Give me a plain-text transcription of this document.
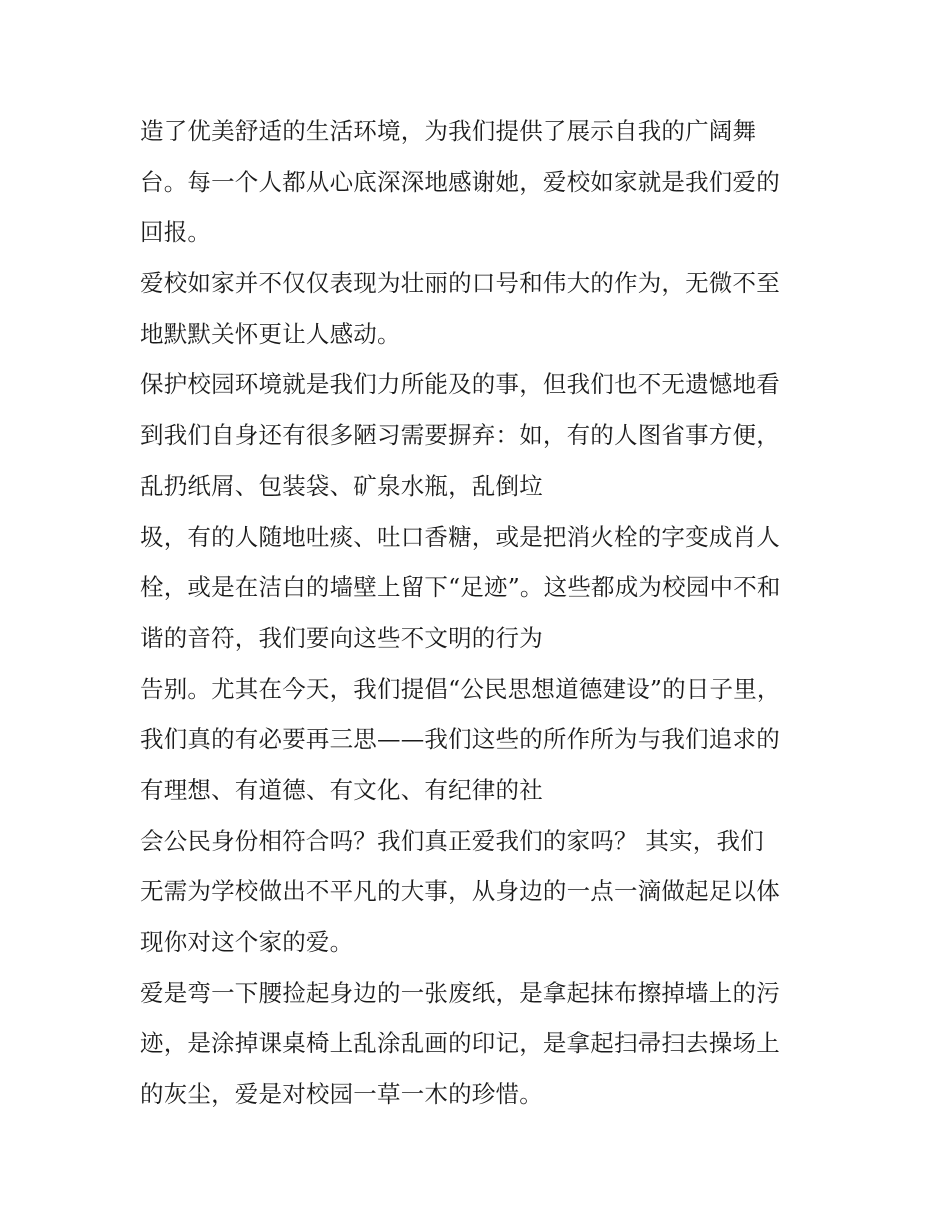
造了优美舒适的生活环境，为我们提供了展示自我的广阔舞
台。每一个人都从心底深深地感谢她，爱校如家就是我们爱的
回报。
爱校如家并不仅仅表现为壮丽的口号和伟大的作为，无微不至
地默默关怀更让人感动。
保护校园环境就是我们力所能及的事，但我们也不无遗憾地看
到我们自身还有很多陋习需要摒弃：如，有的人图省事方便，
乱扔纸屑、包装袋、矿泉水瓶，乱倒垃
圾，有的人随地吐痰、吐口香糖，或是把消火栓的字变成肖人
栓，或是在洁白的墙壁上留下“足迹”。这些都成为校园中不和
谐的音符，我们要向这些不文明的行为
告别。尤其在今天，我们提倡“公民思想道德建设”的日子里，
我们真的有必要再三思——我们这些的所作所为与我们追求的
有理想、有道德、有文化、有纪律的社
会公民身份相符合吗？我们真正爱我们的家吗？ 其实，我们
无需为学校做出不平凡的大事，从身边的一点一滴做起足以体
现你对这个家的爱。
爱是弯一下腰捡起身边的一张废纸，是拿起抹布擦掉墙上的污
迹，是涂掉课桌椅上乱涂乱画的印记，是拿起扫帚扫去操场上
的灰尘，爱是对校园一草一木的珍惜。
